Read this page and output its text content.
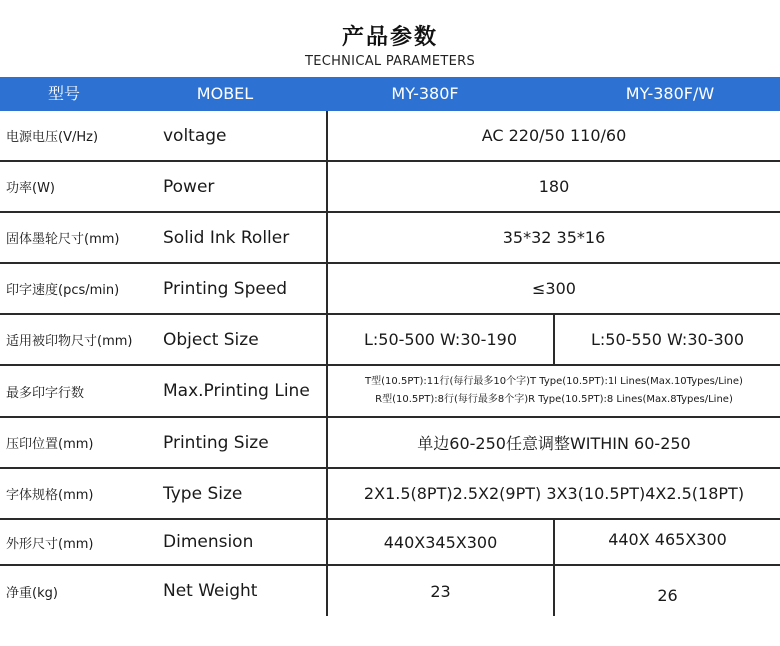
产品参数
TECHNICAL PARAMETERS
型号	MOBEL	MY-380F	MY-380F/W
电源电压(V/Hz)	voltage	AC 220/50 110/60
功率(W)	Power	180
固体墨轮尺寸(mm)	Solid Ink Roller	35*32 35*16
印字速度(pcs/min)	Printing Speed	≤300
适用被印物尺寸(mm) Object Size	L:50-500 W:30-190	L:50-550 W:30-300
最多印字行数	Max.Printing Line	T型(10.5PT):11行(每行最多10个字)T Type(10.5PT):1l Lines(Max.10Types/Line)
R型(10.5PT):8行(每行最多8个字)R Type(10.5PT):8 Lines(Max.8Types/Line)
压印位置(mm)	Printing Size	单边60-250任意调整WITHIN 60-250
字体规格(mm)	Type Size	2X1.5(8PT)2.5X2(9PT) 3X3(10.5PT)4X2.5(18PT)
外形尺寸(mm)	Dimension	440X345X300	440X 465X300
净重(kg)	Net Weight	23	26
